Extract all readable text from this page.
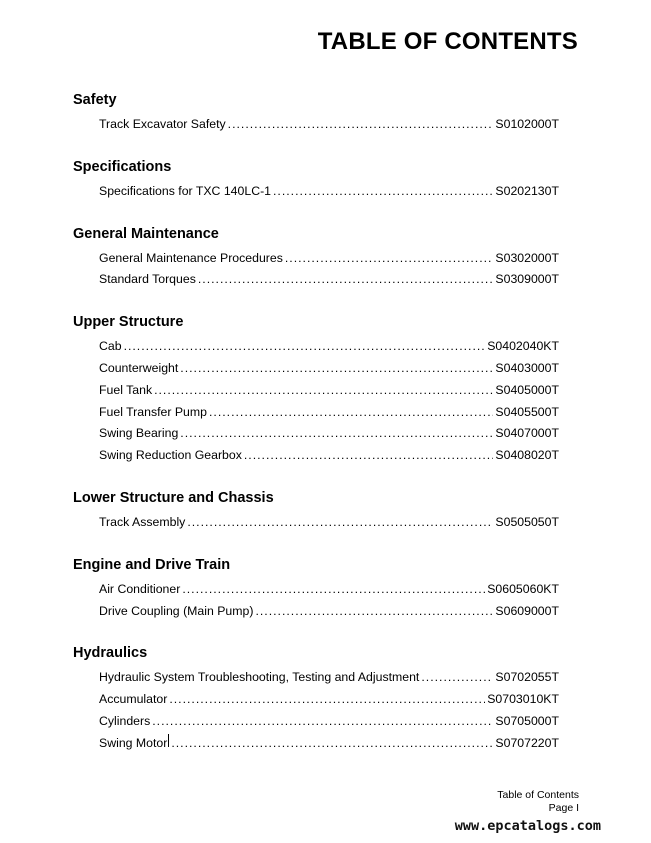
TABLE OF CONTENTS
Safety
Track Excavator Safety .....	S0102000T
Specifications
Specifications for TXC 140LC-1 .....	S0202130T
General Maintenance
General Maintenance Procedures .....	S0302000T
Standard Torques .....	S0309000T
Upper Structure
Cab .....	S0402040KT
Counterweight .....	S0403000T
Fuel Tank .....	S0405000T
Fuel Transfer Pump .....	S0405500T
Swing Bearing .....	S0407000T
Swing Reduction Gearbox .....	S0408020T
Lower Structure and Chassis
Track Assembly .....	S0505050T
Engine and Drive Train
Air Conditioner .....	S0605060KT
Drive Coupling (Main Pump) .....	S0609000T
Hydraulics
Hydraulic System Troubleshooting, Testing and Adjustment .....	S0702055T
Accumulator .....	S0703010KT
Cylinders .....	S0705000T
Swing Motor .....	S0707220T
Table of Contents
Page I
www.epcatalogs.com
